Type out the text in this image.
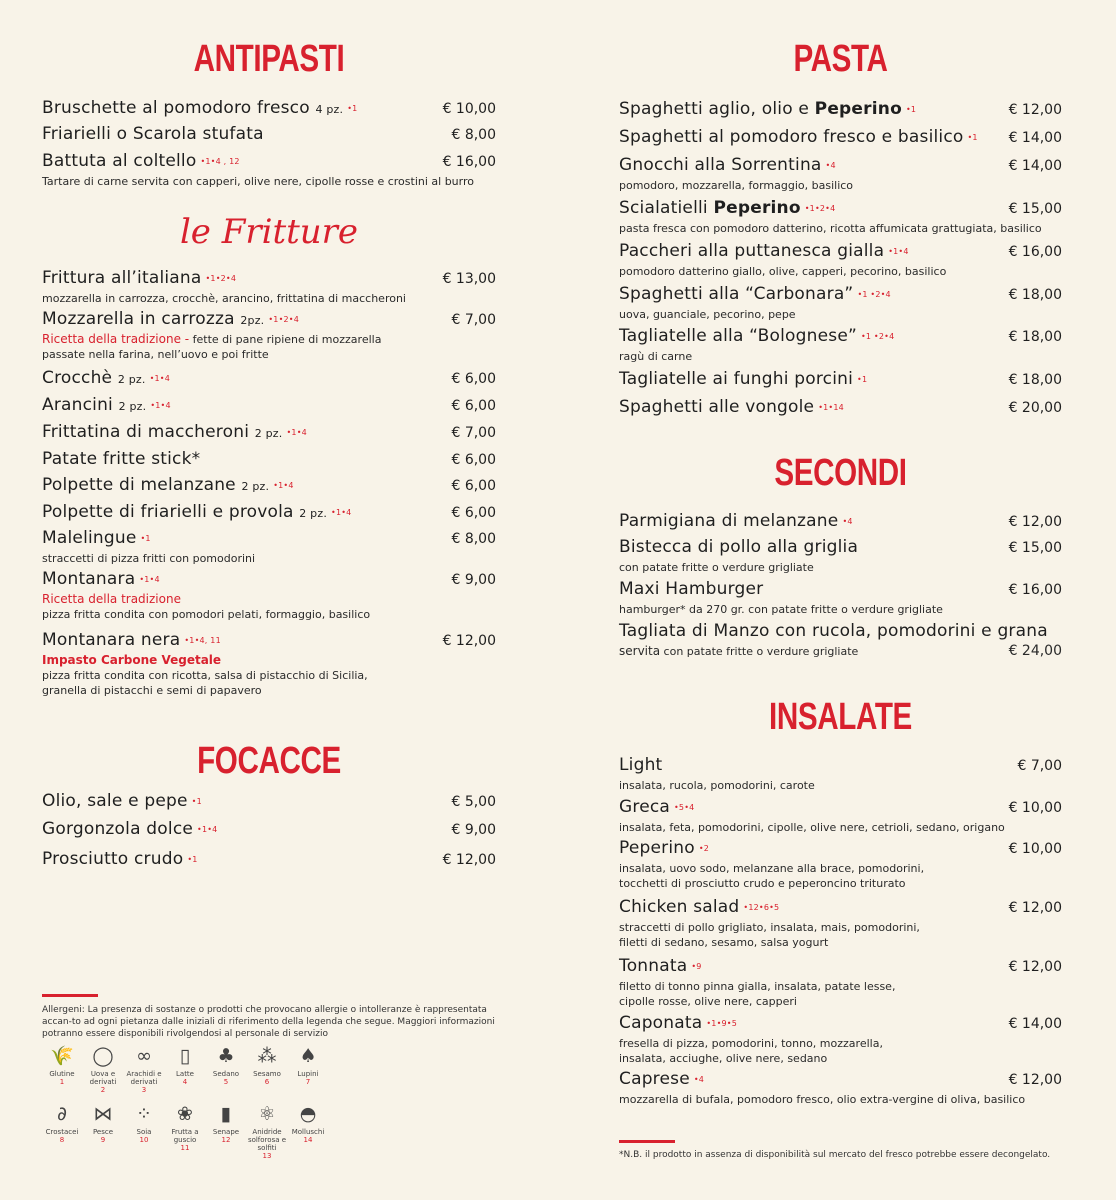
ANTIPASTI
Bruschette al pomodoro fresco 4 pz. •1	€ 10,00
Friarielli o Scarola stufata	€ 8,00
Battuta al coltello •1•4 , 12	€ 16,00
Tartare di carne servita con capperi, olive nere, cipolle rosse e crostini al burro
le Fritture
Frittura all’italiana •1•2•4	€ 13,00
mozzarella in carrozza, crocchè, arancino, frittatina di maccheroni
Mozzarella in carrozza 2pz. •1•2•4	€ 7,00
Ricetta della tradizione - fette di pane ripiene di mozzarella
passate nella farina, nell’uovo e poi fritte
Crocchè 2 pz. •1•4	€ 6,00
Arancini 2 pz. •1•4	€ 6,00
Frittatina di maccheroni 2 pz. •1•4	€ 7,00
Patate fritte stick*	€ 6,00
Polpette di melanzane 2 pz. •1•4	€ 6,00
Polpette di friarielli e provola 2 pz. •1•4	€ 6,00
Malelingue •1	€ 8,00
straccetti di pizza fritti con pomodorini
Montanara •1•4	€ 9,00
Ricetta della tradizione
pizza fritta condita con pomodori pelati, formaggio, basilico
Montanara nera •1•4, 11	€ 12,00
Impasto Carbone Vegetale
pizza fritta condita con ricotta, salsa di pistacchio di Sicilia,
granella di pistacchi e semi di papavero
FOCACCE
Olio, sale e pepe •1	€ 5,00
Gorgonzola dolce •1•4	€ 9,00
Prosciutto crudo •1	€ 12,00
PASTA
Spaghetti aglio, olio e Peperino •1	€ 12,00
Spaghetti al pomodoro fresco e basilico •1 € 14,00
Gnocchi alla Sorrentina •4	€ 14,00
pomodoro, mozzarella, formaggio, basilico
Scialatielli Peperino •1•2•4	€ 15,00
pasta fresca con pomodoro datterino, ricotta affumicata grattugiata, basilico
Paccheri alla puttanesca gialla •1•4	€ 16,00
pomodoro datterino giallo, olive, capperi, pecorino, basilico
Spaghetti alla “Carbonara” •1 •2•4	€ 18,00
uova, guanciale, pecorino, pepe
Tagliatelle alla “Bolognese” •1 •2•4	€ 18,00
ragù di carne
Tagliatelle ai funghi porcini •1	€ 18,00
Spaghetti alle vongole •1•14	€ 20,00
SECONDI
Parmigiana di melanzane •4	€ 12,00
Bistecca di pollo alla griglia	€ 15,00
con patate fritte o verdure grigliate
Maxi Hamburger	€ 16,00
hamburger* da 270 gr. con patate fritte o verdure grigliate
Tagliata di Manzo con rucola, pomodorini e grana
servita con patate fritte o verdure grigliate	€ 24,00
INSALATE
Light	€ 7,00
insalata, rucola, pomodorini, carote
Greca •5•4	€ 10,00
insalata, feta, pomodorini, cipolle, olive nere, cetrioli, sedano, origano
Peperino •2	€ 10,00
insalata, uovo sodo, melanzane alla brace, pomodorini,
tocchetti di prosciutto crudo e peperoncino triturato
Chicken salad •12•6•5	€ 12,00
straccetti di pollo grigliato, insalata, mais, pomodorini,
filetti di sedano, sesamo, salsa yogurt
Tonnata •9	€ 12,00
filetto di tonno pinna gialla, insalata, patate lesse,
cipolle rosse, olive nere, capperi
Caponata •1•9•5	€ 14,00
fresella di pizza, pomodorini, tonno, mozzarella,
insalata, acciughe, olive nere, sedano
Caprese •4	€ 12,00
mozzarella di bufala, pomodoro fresco, olio extra-vergine di oliva, basilico
Allergeni: La presenza di sostanze o prodotti che provocano allergie o intolleranze è rappresentata accan-to ad ogni pietanza dalle iniziali di riferimento della legenda che segue. Maggiori informazioni potranno essere disponibili rivolgendosi al personale di servizio
🌾
Glutine
1
◯
Uova e derivati
2
∞
Arachidi e derivati
3
▯
Latte
4
♣
Sedano
5
⁂
Sesamo
6
♠
Lupini
7
∂
Crostacei
8
⋈
Pesce
9
⁘
Soia
10
❀
Frutta a guscio
11
▮
Senape
12
⚛
Anidride solforosa e solfiti
13
◓
Molluschi
14
*N.B. il prodotto in assenza di disponibilità sul mercato del fresco potrebbe essere decongelato.
